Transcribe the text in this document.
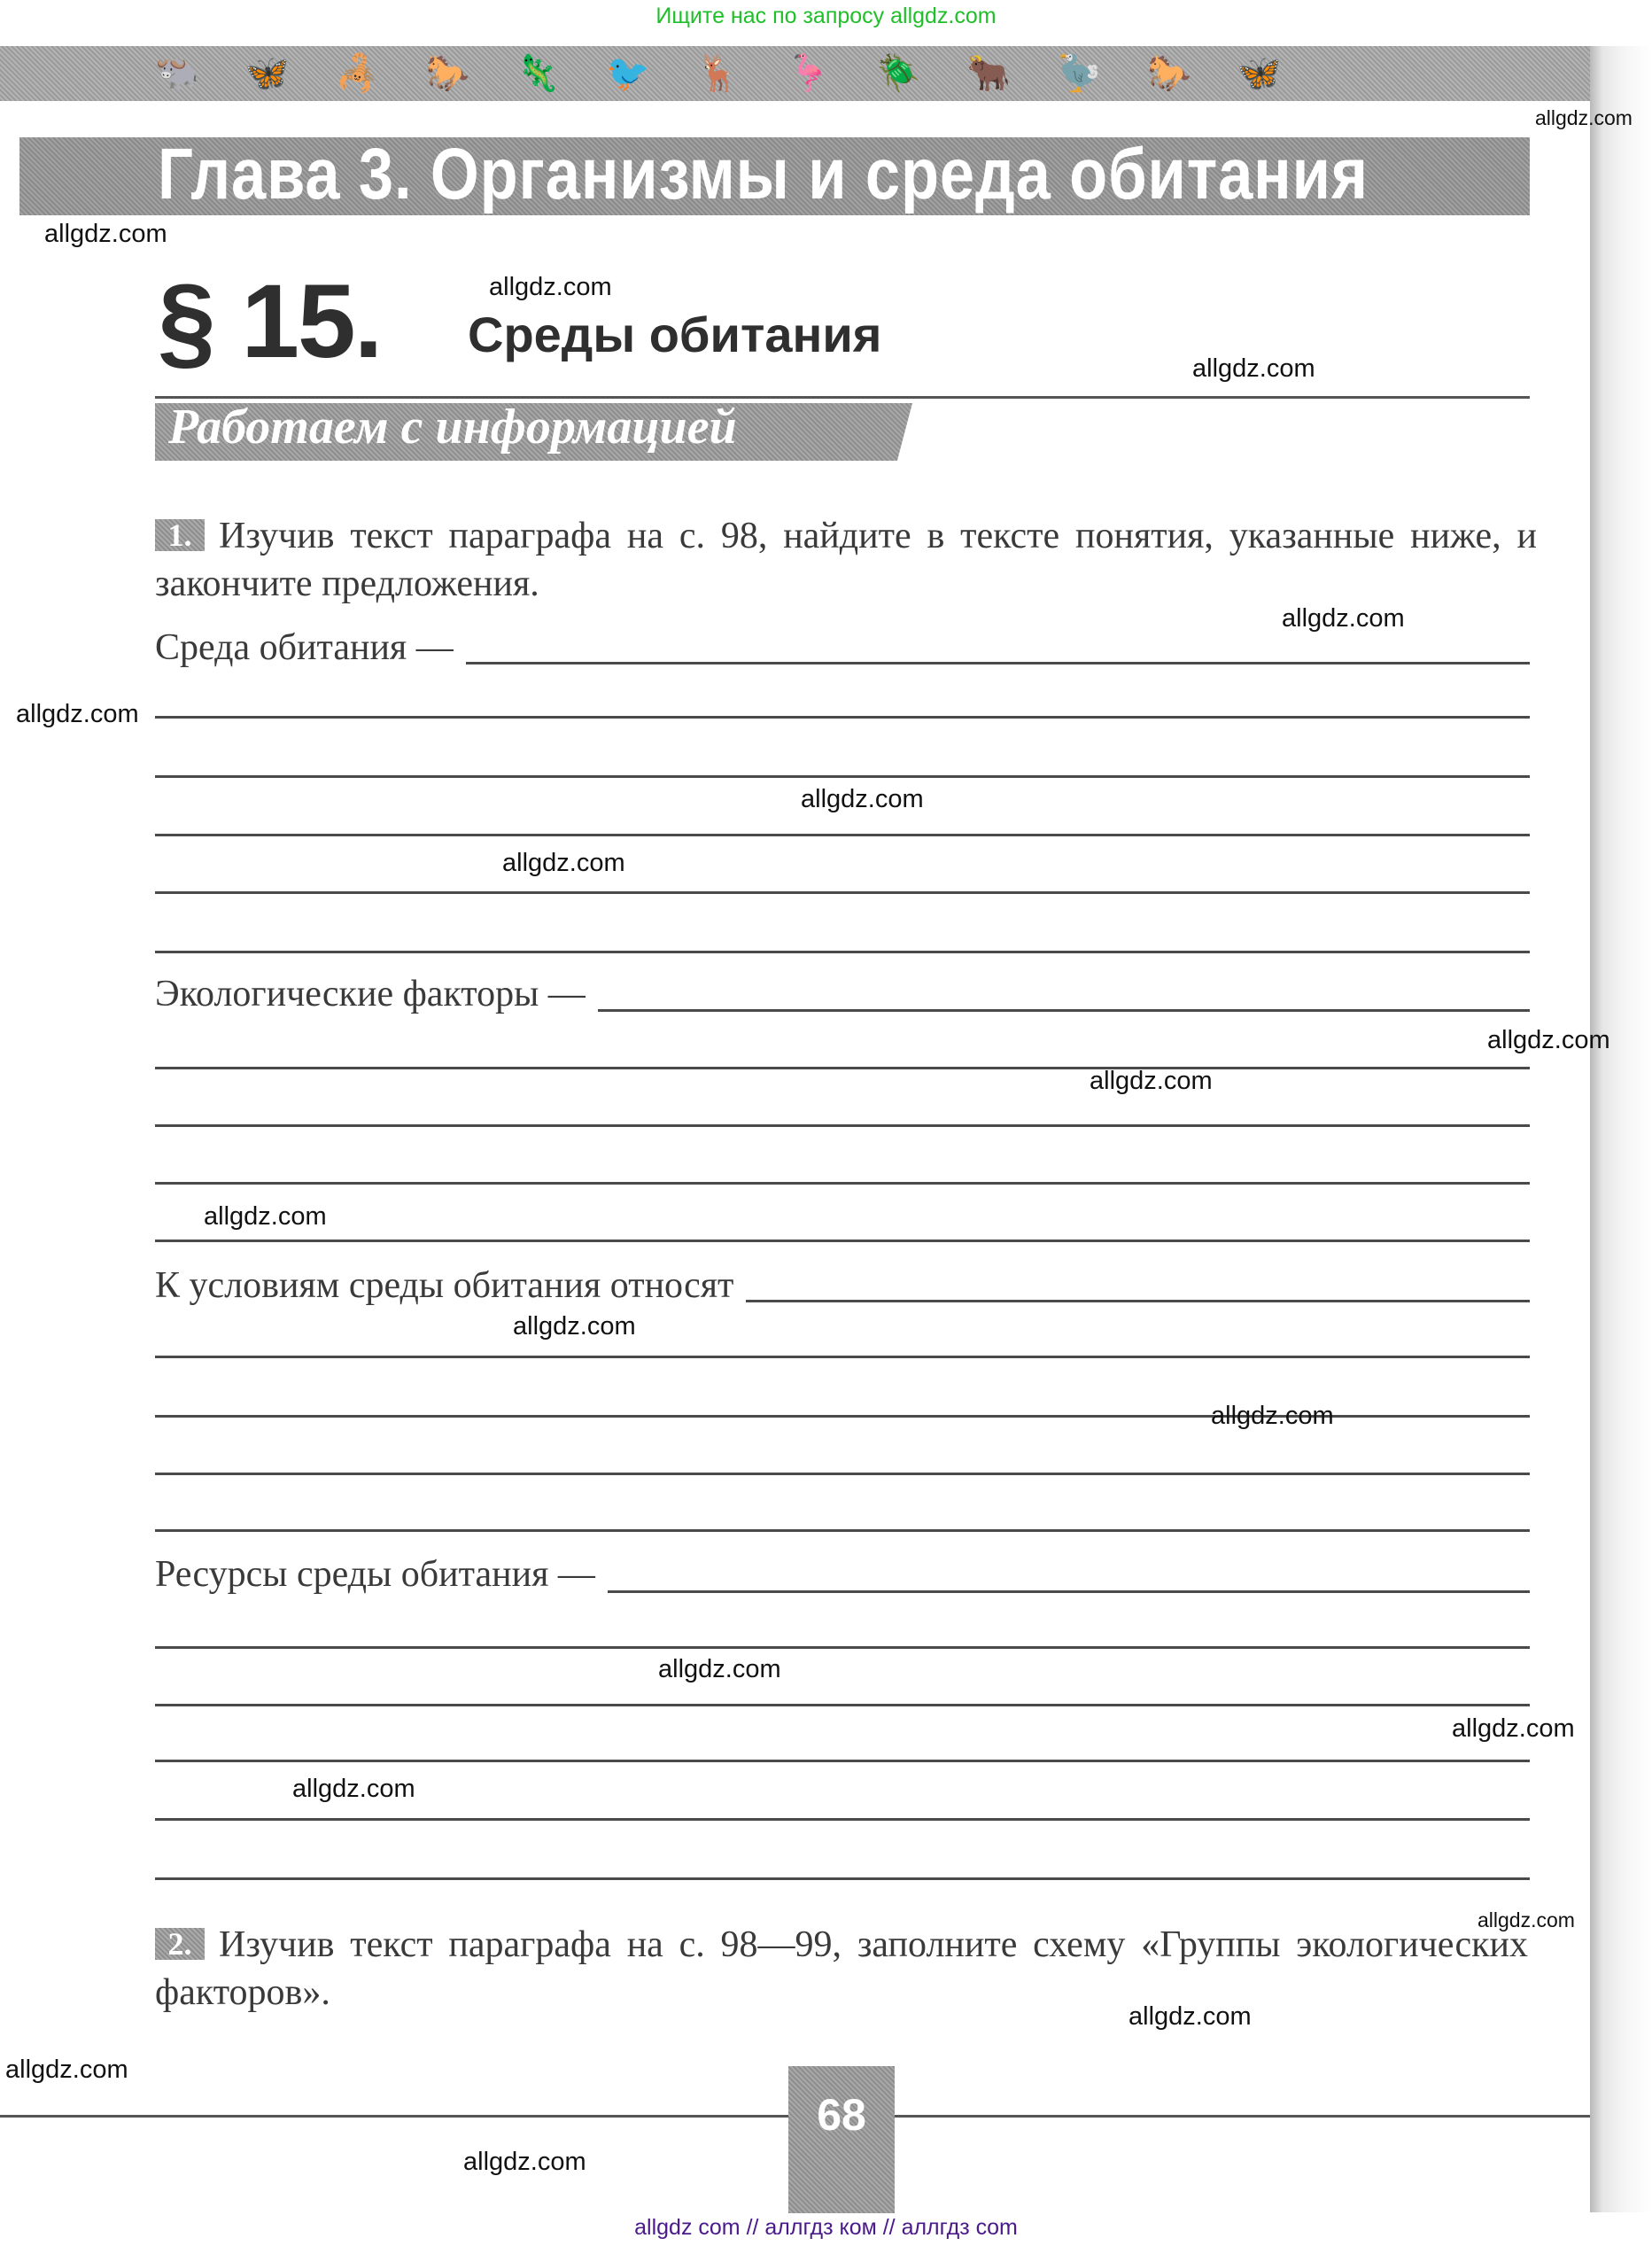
Ищите нас по запросу allgdz.com
🐃 🦋 🦂 🐎 🦎 🐦 🦌 🦩 🪲 🐂 🦤 🐎 🦋
Глава 3. Организмы и среда обитания
§ 15. Среды обитания
Работаем с информацией
1. Изучив текст параграфа на с. 98, найдите в тексте понятия, указанные ниже, и закончите предложения.
Среда обитания —
Экологические факторы —
К условиям среды обитания относят
Ресурсы среды обитания —
2. Изучив текст параграфа на с. 98—99, заполните схему «Группы экологических факторов».
68
allgdz.com
allgdz.com
allgdz.com
allgdz.com
allgdz.com
allgdz.com
allgdz.com
allgdz.com
allgdz.com
allgdz.com
allgdz.com
allgdz.com
allgdz.com
allgdz.com
allgdz.com
allgdz.com
allgdz.com
allgdz.com
allgdz.com
allgdz.com
allgdz com // аллгдз ком // аллгдз com
